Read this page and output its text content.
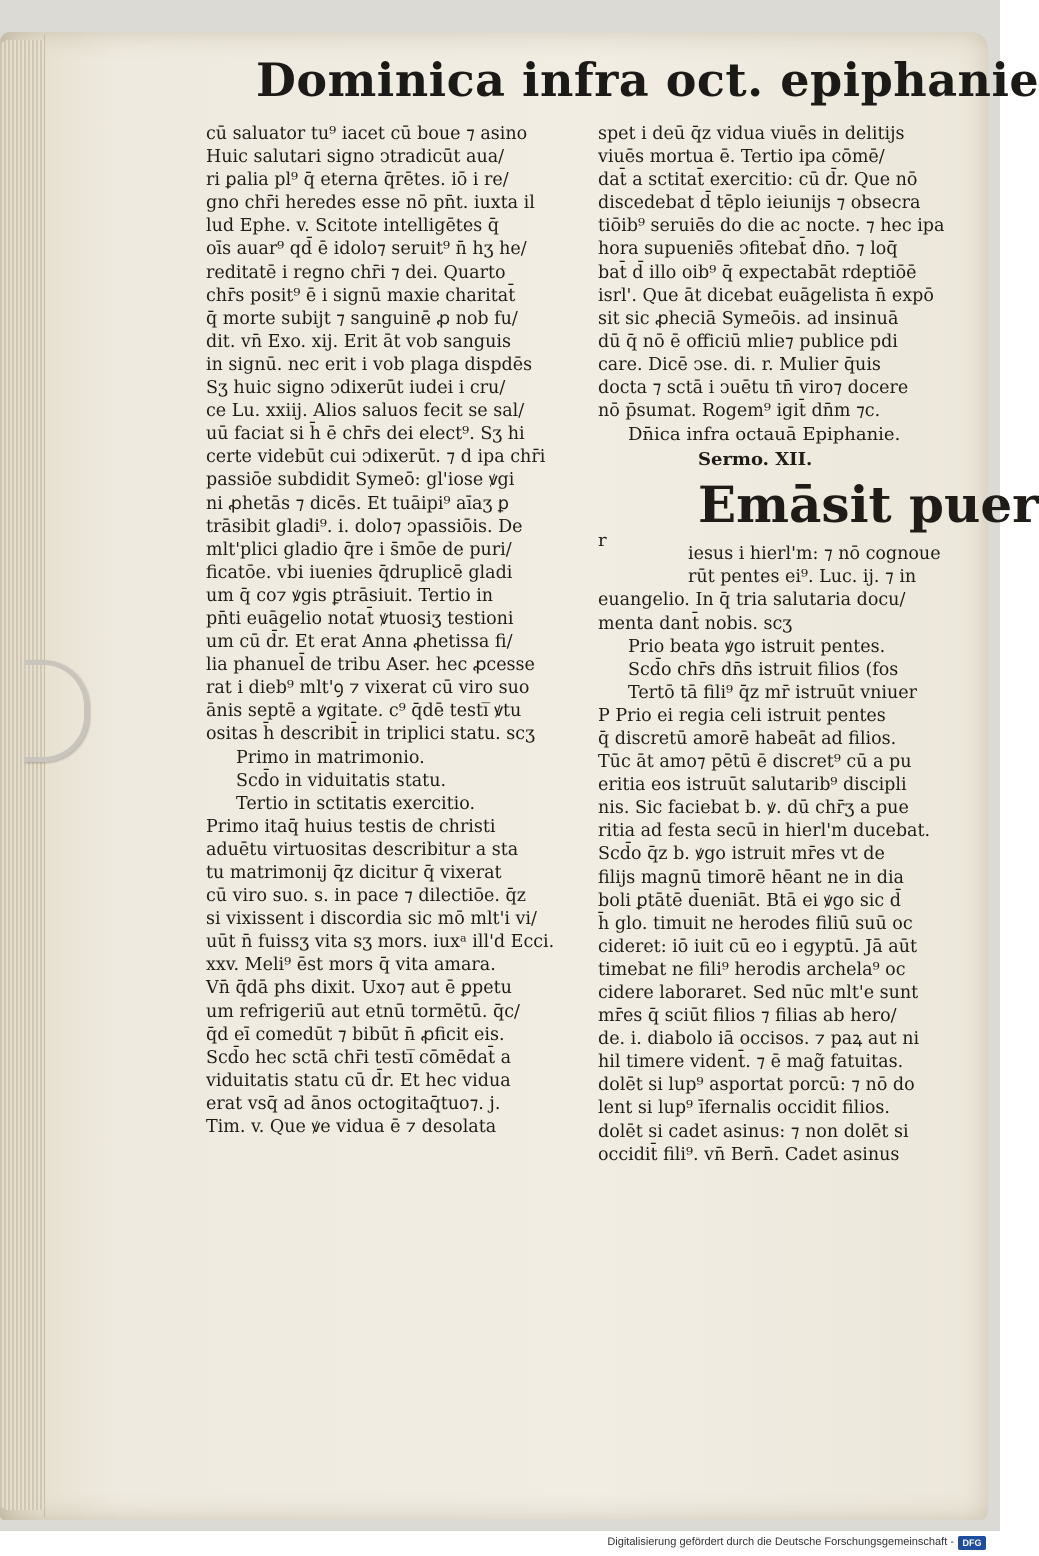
Dominica infra oct. epiphanie
cū saluator tu⁹ iacet cū boue ⁊ asino
Huic salutari signo ↄtradicūt aua/
ri ꝑalia pl⁹ q̄ eterna q̄rētes. iō i re/
gno chr̄i heredes esse nō pn̄t. iuxta il
lud Ephe. v. Scitote intelligētes q̄
oīs auar⁹ qd̄ ē idolo⁊ seruit⁹ n̄ hʒ he/
reditatē i regno chr̄i ⁊ dei. Quarto
chr̄s posit⁹ ē i signū maxie charitat̄
q̄ morte subijt ⁊ sanguinē ꝓ nob fu/
dit. vn̄ Exo. xij. Erit āt vob sanguis
in signū. nec erit i vob plaga dispdēs
Sʒ huic signo ↄdixerūt iudei i cru/
ce Lu. xxiij. Alios saluos fecit se sal/
uū faciat si h̄ ē chr̄s dei elect⁹. Sʒ hi
certe videbūt cui ↄdixerūt. ⁊ d ipa chr̄i
passiōe subdidit Symeō: gl'iose ꝟgi
ni ꝓhetās ⁊ dicēs. Et tuāipi⁹ aīaʒ ꝑ
trāsibit gladi⁹. i. dolo⁊ ↄpassiōis. De
mlt'plici gladio q̄re i s̄mōe de puri/
ficatōe. vbi iuenies q̄druplicē gladi
um q̄ co⁊ ꝟgis ꝑtrāsiuit. Tertio in
pn̄ti euāgelio notat̄ ꝟtuosiʒ testioni
um cū d̄r. Et erat Anna ꝓhetissa fi/
lia phanuel̄ de tribu Aser. hec ꝓcesse
rat i dieb⁹ mlt'ꝯ ⁊ vixerat cū viro suo
ānis septē a ꝟgitate. c⁹ q̄dē testi̅ ꝟtu
ositas h̄ describit̄ in triplici statu. scʒ
Primo in matrimonio.
Scd̄o in viduitatis statu.
Tertio in sctitatis exercitio.
Primo itaq̄ huius testis de christi
aduētu virtuositas describitur a sta
tu matrimonij q̄z dicitur q̄ vixerat
cū viro suo. s. in pace ⁊ dilectiōe. q̄z
si vixissent i discordia sic mō mlt'i vi/
uūt n̄ fuissʒ vita sʒ mors. iuxᵃ ill'd Ecci.
xxv. Meli⁹ ēst mors q̄ vita amara.
Vn̄ q̄dā phs dixit. Uxo⁊ aut ē ꝑpetu
um refrigeriū aut etnū tormētū. q̄c/
q̄d eī comedūt ⁊ bibūt n̄ ꝓficit eis.
Scd̄o hec sctā chr̄i testi̅ cōmēdat̄ a
viduitatis statu cū d̄r. Et hec vidua
erat vsq̄ ad ānos octogitaq̄tuo⁊. j.
Tim. v. Que ꝟe vidua ē ⁊ desolata
spet i deū q̄z vidua viuēs in delitijs
viuēs mortua ē. Tertio ipa cōmē/
dat̄ a sctitat̄ exercitio: cū d̄r. Que nō
discedebat d̄ tēplo ieiunijs ⁊ obsecra
tiōib⁹ seruiēs do die ac nocte. ⁊ hec ipa
hora supueniēs ↄfitebat̄ dn̄o. ⁊ loq̄
bat̄ d̄ illo oib⁹ q̄ expectabāt rdeptiōē
isrl'. Que āt dicebat euāgelista n̄ expō
sit sic ꝓheciā Symeōis. ad insinuā
dū q̄ nō ē officiū mlie⁊ publice pdi
care. Dicē ↄse. di. r. Mulier q̄uis
docta ⁊ sctā i ↄuētu tn̄ viro⁊ docere
nō p̄sumat. Rogem⁹ igit̄ dn̄m ⁊c.
Dn̄ica infra octauā Epiphanie.
Sermo. XII.
Emāsit puer
r
iesus i hierl'm: ⁊ nō cognoue
rūt pentes ei⁹. Luc. ij. ⁊ in
euangelio. In q̄ tria salutaria docu/
menta dant̄ nobis. scʒ
Prio beata ꝟgo istruit pentes.
Scd̄o chr̄s dn̄s istruit filios (fos
Tertō tā fili⁹ q̄z mr̄ istruūt vniuer
P Prio ei regia celi istruit pentes
q̄ discretū amorē habeāt ad filios.
Tūc āt amo⁊ pētū ē discret⁹ cū a pu
eritia eos istruūt salutarib⁹ discipli
nis. Sic faciebat b. ꝟ. dū chr̄ʒ a pue
ritia ad festa secū in hierl'm ducebat.
Scd̄o q̄z b. ꝟgo istruit mr̄es vt de
filijs magnū timorē hēant ne in dia
boli ꝑtātē d̄ueniāt. Btā ei ꝟgo sic d̄
h̄ glo. timuit ne herodes filiū suū oc
cideret: iō iuit cū eo i egyptū. Jā aūt
timebat ne fili⁹ herodis archela⁹ oc
cidere laboraret. Sed nūc mlt'e sunt
mr̄es q̄ sciūt filios ⁊ filias ab hero/
de. i. diabolo iā occisos. ⁊ paꝝ aut ni
hil timere vident̄. ⁊ ē mag̃ fatuitas.
dolēt si lup⁹ asportat porcū: ⁊ nō do
lent si lup⁹ īfernalis occidit filios.
dolēt si cadet asinus: ⁊ non dolēt si
occidit̄ fili⁹. vn̄ Bern̄. Cadet asinus
Digitalisierung gefördert durch die Deutsche Forschungsgemeinschaft - DFG
